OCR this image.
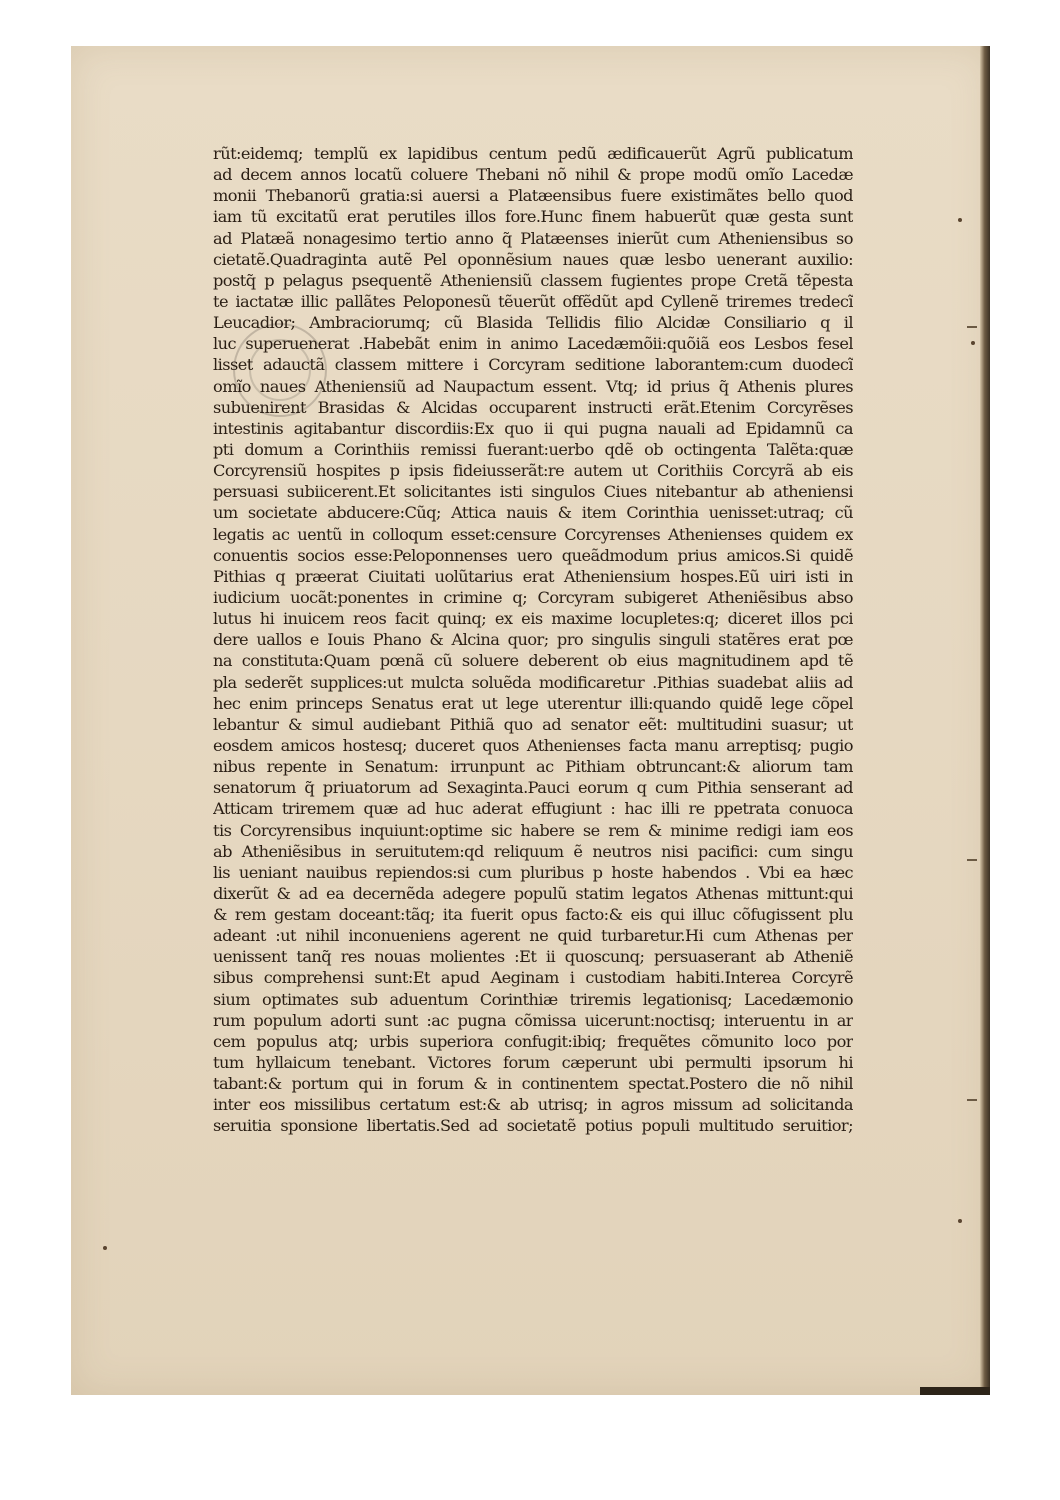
rũt:eidemq; templũ ex lapidibus centum pedũ ædificauerũt Agrũ publicatum
ad decem annos locatũ coluere Thebani nõ nihil & prope modũ omĩo Lacedæ
monii Thebanorũ gratia:si auersi a Platæensibus fuere existimãtes bello quod
iam tũ excitatũ erat perutiles illos fore.Hunc finem habuerũt quæ gesta sunt
ad Platæã nonagesimo tertio anno q̃ Platæenses inierũt cum Atheniensibus so
cietatẽ.Quadraginta autẽ Pel oponnẽsium naues quæ lesbo uenerant auxilio:
postq̃ p pelagus psequentẽ Atheniensiũ classem fugientes prope Cretã tẽpesta
te iactatæ illic pallãtes Peloponesũ tẽuerũt offẽdũt apd Cyllenẽ triremes tredecĩ
Leucadior; Ambraciorumq; cũ Blasida Tellidis filio Alcidæ Consiliario q il
luc superuenerat .Habebãt enim in animo Lacedæmõii:quõiã eos Lesbos fesel
lisset adauctã classem mittere i Corcyram seditione laborantem:cum duodecĩ
omĩo naues Atheniensiũ ad Naupactum essent. Vtq; id prius q̃ Athenis plures
subuenirent Brasidas & Alcidas occuparent instructi erãt.Etenim Corcyrẽses
intestinis agitabantur discordiis:Ex quo ii qui pugna nauali ad Epidamnũ ca
pti domum a Corinthiis remissi fuerant:uerbo qdẽ ob octingenta Talẽta:quæ
Corcyrensiũ hospites p ipsis fideiusserãt:re autem ut Corithiis Corcyrã ab eis
persuasi subiicerent.Et solicitantes isti singulos Ciues nitebantur ab atheniensi
um societate abducere:Cũq; Attica nauis & item Corinthia uenisset:utraq; cũ
legatis ac uentũ in colloqum esset:censure Corcyrenses Athenienses quidem ex
conuentis socios esse:Peloponnenses uero queãdmodum prius amicos.Si quidẽ
Pithias q præerat Ciuitati uolũtarius erat Atheniensium hospes.Eũ uiri isti in
iudicium uocãt:ponentes in crimine q; Corcyram subigeret Atheniẽsibus abso
lutus hi inuicem reos facit quinq; ex eis maxime locupletes:q; diceret illos pci
dere uallos e Iouis Phano & Alcina quor; pro singulis singuli statẽres erat pœ
na constituta:Quam pœnã cũ soluere deberent ob eius magnitudinem apd tẽ
pla sederẽt supplices:ut mulcta soluẽda modificaretur .Pithias suadebat aliis ad
hec enim princeps Senatus erat ut lege uterentur illi:quando quidẽ lege cõpel
lebantur & simul audiebant Pithiã quo ad senator eẽt: multitudini suasur; ut
eosdem amicos hostesq; duceret quos Athenienses facta manu arreptisq; pugio
nibus repente in Senatum: irrunpunt ac Pithiam obtruncant:& aliorum tam
senatorum q̃ priuatorum ad Sexaginta.Pauci eorum q cum Pithia senserant ad
Atticam triremem quæ ad huc aderat effugiunt : hac illi re ppetrata conuoca
tis Corcyrensibus inquiunt:optime sic habere se rem & minime redigi iam eos
ab Atheniẽsibus in seruitutem:qd reliquum ẽ neutros nisi pacifici: cum singu
lis ueniant nauibus repiendos:si cum pluribus p hoste habendos . Vbi ea hæc
dixerũt & ad ea decernẽda adegere populũ statim legatos Athenas mittunt:qui
& rem gestam doceant:tãq; ita fuerit opus facto:& eis qui illuc cõfugissent plu
adeant :ut nihil inconueniens agerent ne quid turbaretur.Hi cum Athenas per
uenissent tanq̃ res nouas molientes :Et ii quoscunq; persuaserant ab Atheniẽ
sibus comprehensi sunt:Et apud Aeginam i custodiam habiti.Interea Corcyrẽ
sium optimates sub aduentum Corinthiæ triremis legationisq; Lacedæmonio
rum populum adorti sunt :ac pugna cõmissa uicerunt:noctisq; interuentu in ar
cem populus atq; urbis superiora confugit:ibiq; frequẽtes cõmunito loco por
tum hyllaicum tenebant. Victores forum cæperunt ubi permulti ipsorum hi
tabant:& portum qui in forum & in continentem spectat.Postero die nõ nihil
inter eos missilibus certatum est:& ab utrisq; in agros missum ad solicitanda
seruitia sponsione libertatis.Sed ad societatẽ potius populi multitudo seruitior;
